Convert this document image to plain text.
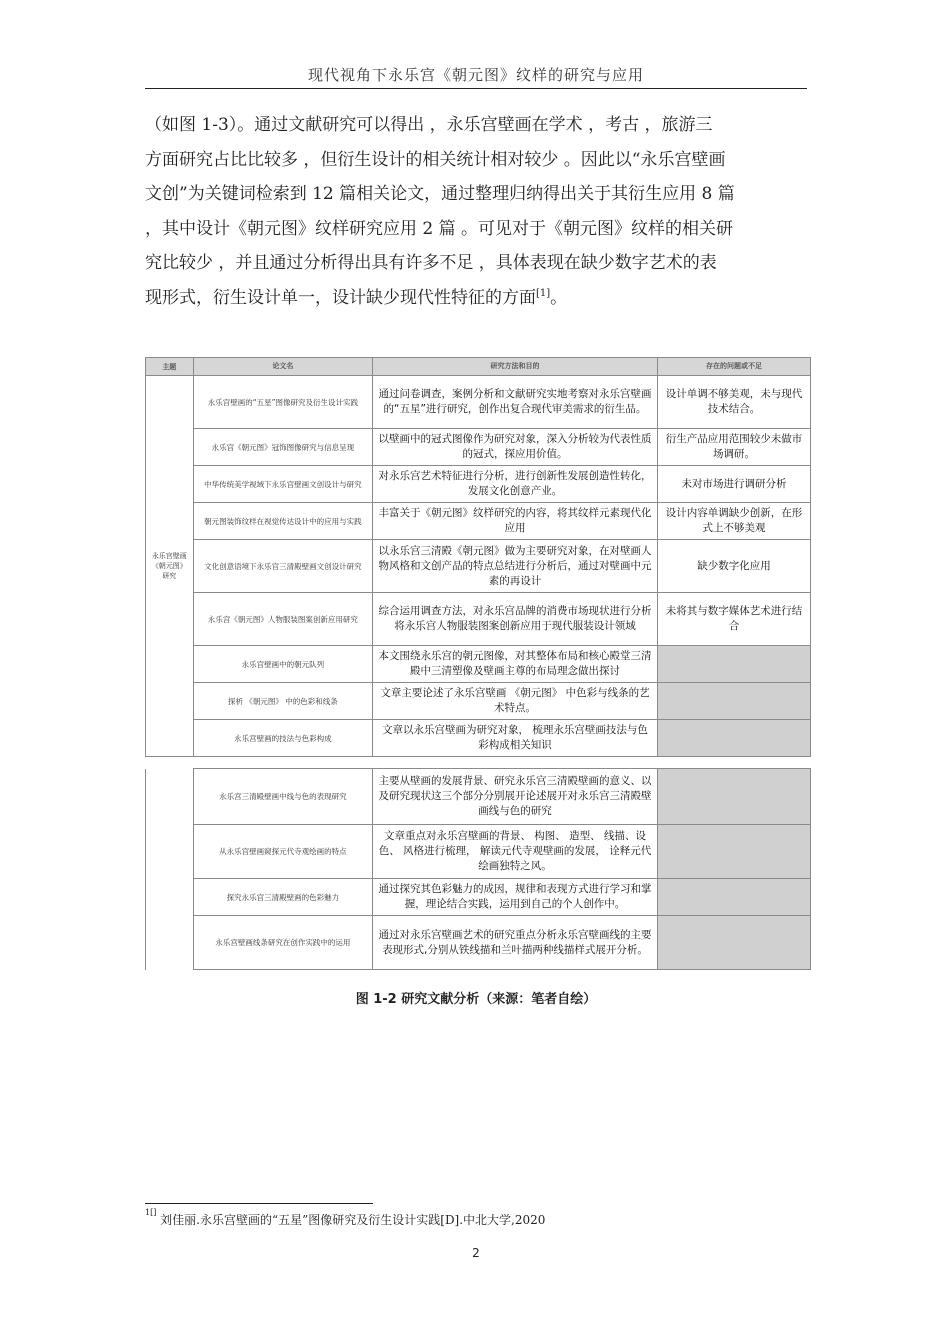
现代视角下永乐宫《朝元图》纹样的研究与应用

（如图 1-3）。通过文献研究可以得出 ，永乐宫壁画在学术 ，考古 ，旅游三

方面研究占比比较多 ，但衍生设计的相关统计相对较少 。因此以“永乐宫壁画

文创”为关键词检索到 12 篇相关论文，通过整理归纳得出关于其衍生应用 8 篇

，其中设计《朝元图》纹样研究应用 2 篇 。可见对于《朝元图》纹样的相关研

究比较少 ，并且通过分析得出具有许多不足 ，具体表现在缺少数字艺术的表

现形式，衍生设计单一，设计缺少现代性特征的方面[1]。

主题	论文名	研究方法和目的	存在的问题或不足
永乐宫壁画《朝元图》研究	永乐宫壁画的“五星”图像研究及衍生设计实践	通过问卷调查，案例分析和文献研究实地考察对永乐宫壁画的“五星”进行研究，创作出复合现代审美需求的衍生品。	设计单调不够美观，未与现代技术结合。
	永乐宫《朝元图》冠饰图像研究与信息呈现	以壁画中的冠式图像作为研究对象，深入分析较为代表性质的冠式，探应用价值。	衍生产品应用范围较少未做市场调研。
	中华传统美学视域下永乐宫壁画文创设计与研究	对永乐宫艺术特征进行分析，进行创新性发展创造性转化，发展文化创意产业。	未对市场进行调研分析
	朝元图装饰纹样在视觉传达设计中的应用与实践	丰富关于《朝元图》纹样研究的内容，将其纹样元素现代化应用	设计内容单调缺少创新，在形式上不够美观
	文化创意语境下永乐宫三清殿壁画文创设计研究	以永乐宫三清殿《朝元图》做为主要研究对象，在对壁画人物风格和文创产品的特点总结进行分析后，通过对壁画中元素的再设计	缺少数字化应用
	永乐宫《朝元图》人物服装图案创新应用研究	综合运用调查方法，对永乐宫品牌的消费市场现状进行分析将永乐宫人物服装图案创新应用于现代服装设计领域	未将其与数字媒体艺术进行结合
	永乐宫壁画中的朝元队列	本文围绕永乐宫的朝元图像，对其整体布局和核心殿堂三清殿中三清塑像及壁画主尊的布局理念做出探讨	
	探析 《朝元图》 中的色彩和线条	文章主要论述了永乐宫壁画 《朝元图》 中色彩与线条的艺术特点。	
	永乐宫壁画的技法与色彩构成	文章以永乐宫壁画为研究对象， 梳理永乐宫壁画技法与色彩构成相关知识	
	永乐宫三清殿壁画中线与色的表现研究	主要从壁画的发展背景、研究永乐宫三清殿壁画的意义、以及研究现状这三个部分分别展开论述展开对永乐宫三清殿壁画线与色的研究	
	从永乐宫壁画窥探元代寺观绘画的特点	文章重点对永乐宫壁画的背景、 构图、 造型、 线描、设色、 风格进行梳理， 解读元代寺观壁画的发展， 诠释元代绘画独特之风。	
	探究永乐宫三清殿壁画的色彩魅力	通过探究其色彩魅力的成因，规律和表现方式进行学习和掌握，理论结合实践，运用到自己的个人创作中。	
	永乐宫壁画线条研究在创作实践中的运用	通过对永乐宫壁画艺术的研究重点分析永乐宫壁画线的主要表现形式,分别从铁线描和兰叶描两种线描样式展开分析。	
图 1-2 研究文献分析（来源：笔者自绘）
$^{1[]}$ 刘佳丽.永乐宫壁画的“五星”图像研究及衍生设计实践[D].中北大学,2020
2
